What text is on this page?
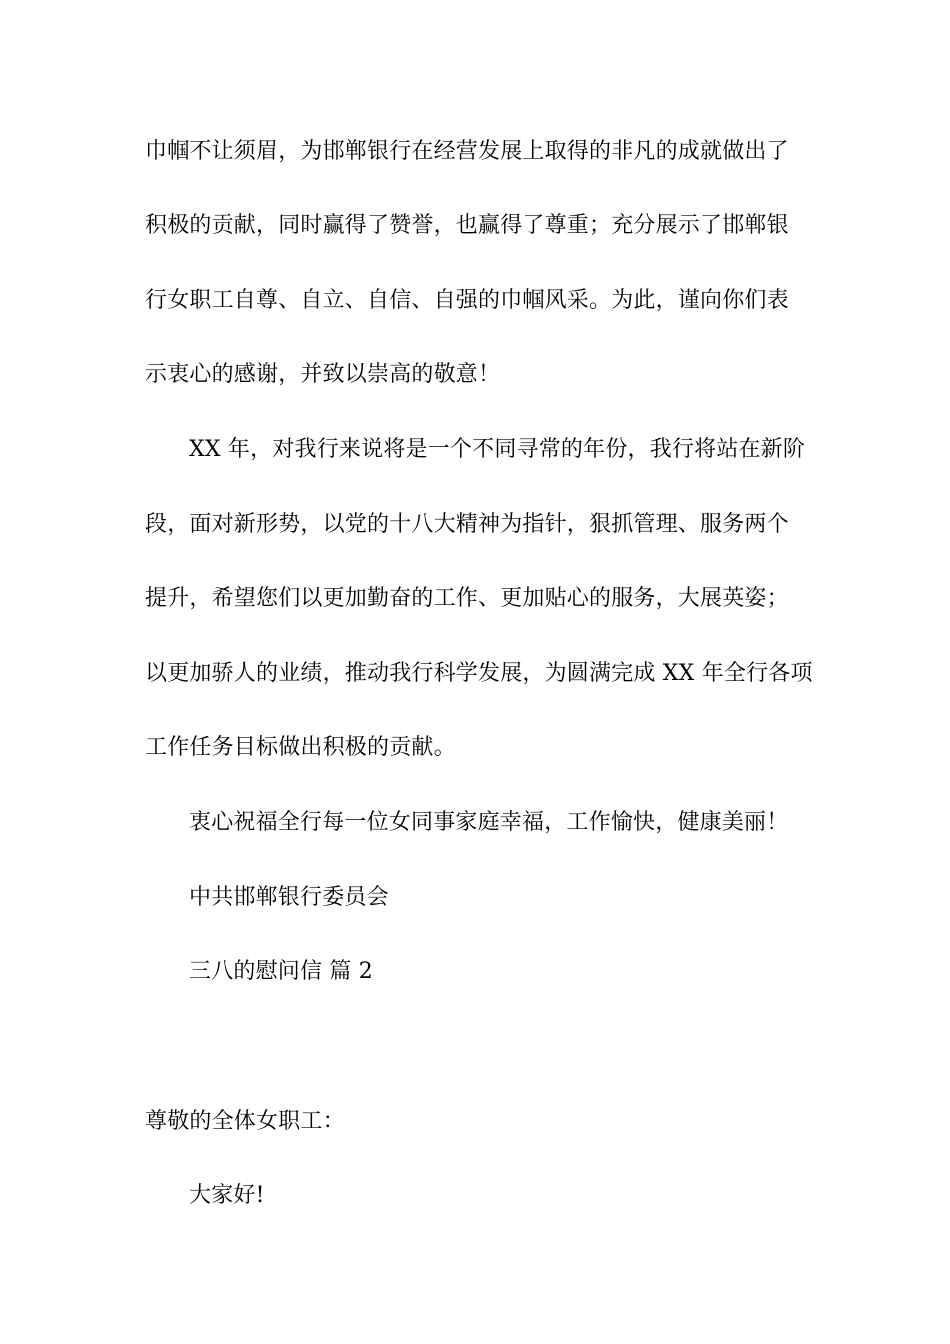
巾帼不让须眉，为邯郸银行在经营发展上取得的非凡的成就做出了
积极的贡献，同时赢得了赞誉，也赢得了尊重；充分展示了邯郸银
行女职工自尊、自立、自信、自强的巾帼风采。为此，谨向你们表
示衷心的感谢，并致以崇高的敬意！
XX 年，对我行来说将是一个不同寻常的年份，我行将站在新阶
段，面对新形势，以党的十八大精神为指针，狠抓管理、服务两个
提升，希望您们以更加勤奋的工作、更加贴心的服务，大展英姿；
以更加骄人的业绩，推动我行科学发展，为圆满完成 XX 年全行各项
工作任务目标做出积极的贡献。
衷心祝福全行每一位女同事家庭幸福，工作愉快，健康美丽！
中共邯郸银行委员会
三八的慰问信 篇 2
尊敬的全体女职工：
大家好!
